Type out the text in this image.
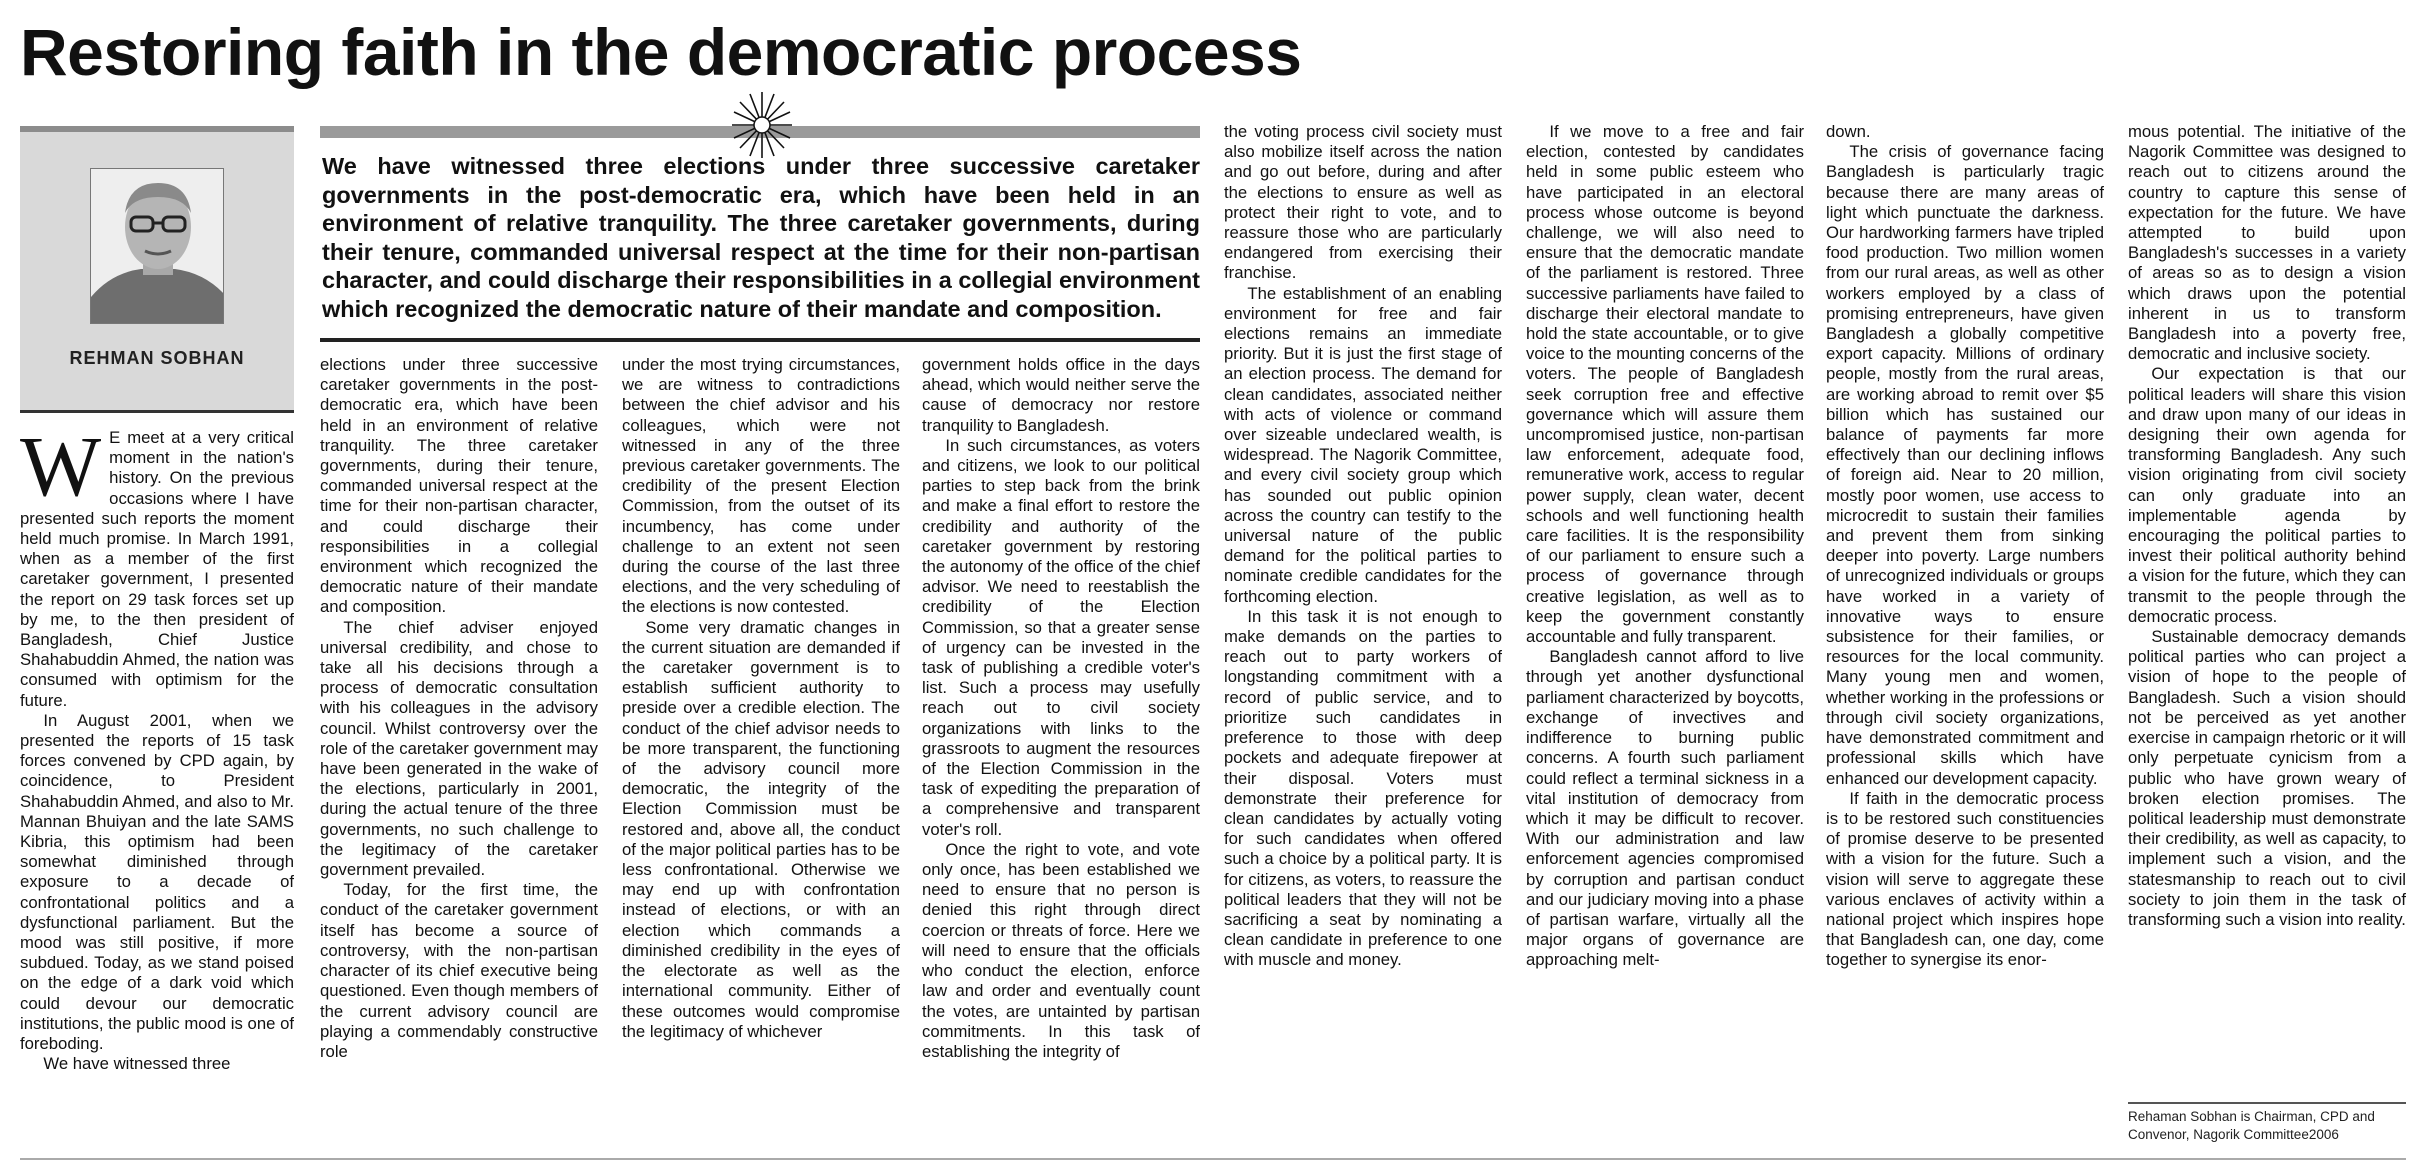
Restoring faith in the democratic process
REHMAN SOBHAN
We have witnessed three elections under three successive caretaker governments in the post-democratic era, which have been held in an environment of relative tranquility. The three caretaker governments, during their tenure, commanded universal respect at the time for their non-partisan character, and could discharge their responsibilities in a collegial environment which recognized the democratic nature of their mandate and composition.

W E meet at a very critical moment in the nation's history. On the previous occasions where I have presented such reports the moment held much promise. In March 1991, when as a member of the first caretaker government, I presented the report on 29 task forces set up by me, to the then president of Bangladesh, Chief Justice Shahabuddin Ahmed, the nation was consumed with optimism for the future.

In August 2001, when we presented the reports of 15 task forces convened by CPD again, by coincidence, to President Shahabuddin Ahmed, and also to Mr. Mannan Bhuiyan and the late SAMS Kibria, this optimism had been somewhat diminished through exposure to a decade of confrontational politics and a dysfunctional parliament. But the mood was still positive, if more subdued. Today, as we stand poised on the edge of a dark void which could devour our democratic institutions, the public mood is one of foreboding.

We have witnessed three

elections under three successive caretaker governments in the post-democratic era, which have been held in an environment of relative tranquility. The three caretaker governments, during their tenure, commanded universal respect at the time for their non-partisan character, and could discharge their responsibilities in a collegial environment which recognized the democratic nature of their mandate and composition.

The chief adviser enjoyed universal credibility, and chose to take all his decisions through a process of democratic consultation with his colleagues in the advisory council. Whilst controversy over the role of the caretaker government may have been generated in the wake of the elections, particularly in 2001, during the actual tenure of the three governments, no such challenge to the legitimacy of the caretaker government prevailed.

Today, for the first time, the conduct of the caretaker government itself has become a source of controversy, with the non-partisan character of its chief executive being questioned. Even though members of the current advisory council are playing a commendably constructive role

under the most trying circumstances, we are witness to contradictions between the chief advisor and his colleagues, which were not witnessed in any of the three previous caretaker governments. The credibility of the present Election Commission, from the outset of its incumbency, has come under challenge to an extent not seen during the course of the last three elections, and the very scheduling of the elections is now contested.

Some very dramatic changes in the current situation are demanded if the caretaker government is to establish sufficient authority to preside over a credible election. The conduct of the chief advisor needs to be more transparent, the functioning of the advisory council more democratic, the integrity of the Election Commission must be restored and, above all, the conduct of the major political parties has to be less confrontational. Otherwise we may end up with confrontation instead of elections, or with an election which commands a diminished credibility in the eyes of the electorate as well as the international community. Either of these outcomes would compromise the legitimacy of whichever

government holds office in the days ahead, which would neither serve the cause of democracy nor restore tranquility to Bangladesh.

In such circumstances, as voters and citizens, we look to our political parties to step back from the brink and make a final effort to restore the credibility and authority of the caretaker government by restoring the autonomy of the office of the chief advisor. We need to reestablish the credibility of the Election Commission, so that a greater sense of urgency can be invested in the task of publishing a credible voter's list. Such a process may usefully reach out to civil society organizations with links to the grassroots to augment the resources of the Election Commission in the task of expediting the preparation of a comprehensive and transparent voter's roll.

Once the right to vote, and vote only once, has been established we need to ensure that no person is denied this right through direct coercion or threats of force. Here we will need to ensure that the officials who conduct the election, enforce law and order and eventually count the votes, are untainted by partisan commitments. In this task of establishing the integrity of

the voting process civil society must also mobilize itself across the nation and go out before, during and after the elections to ensure as well as protect their right to vote, and to reassure those who are particularly endangered from exercising their franchise.

The establishment of an enabling environment for free and fair elections remains an immediate priority. But it is just the first stage of an election process. The demand for clean candidates, associated neither with acts of violence or command over sizeable undeclared wealth, is widespread. The Nagorik Committee, and every civil society group which has sounded out public opinion across the country can testify to the universal nature of the public demand for the political parties to nominate credible candidates for the forthcoming election.

In this task it is not enough to make demands on the parties to reach out to party workers of longstanding commitment with a record of public service, and to prioritize such candidates in preference to those with deep pockets and adequate firepower at their disposal. Voters must demonstrate their preference for clean candidates by actually voting for such candidates when offered such a choice by a political party. It is for citizens, as voters, to reassure the political leaders that they will not be sacrificing a seat by nominating a clean candidate in preference to one with muscle and money.

If we move to a free and fair election, contested by candidates held in some public esteem who have participated in an electoral process whose outcome is beyond challenge, we will also need to ensure that the democratic mandate of the parliament is restored. Three successive parliaments have failed to discharge their electoral mandate to hold the state accountable, or to give voice to the mounting concerns of the voters. The people of Bangladesh seek corruption free and effective governance which will assure them uncompromised justice, non-partisan law enforcement, adequate food, remunerative work, access to regular power supply, clean water, decent schools and well functioning health care facilities. It is the responsibility of our parliament to ensure such a process of governance through creative legislation, as well as to keep the government constantly accountable and fully transparent.

Bangladesh cannot afford to live through yet another dysfunctional parliament characterized by boycotts, exchange of invectives and indifference to burning public concerns. A fourth such parliament could reflect a terminal sickness in a vital institution of democracy from which it may be difficult to recover. With our administration and law enforcement agencies compromised by corruption and partisan conduct and our judiciary moving into a phase of partisan warfare, virtually all the major organs of governance are approaching melt-

down.

The crisis of governance facing Bangladesh is particularly tragic because there are many areas of light which punctuate the darkness. Our hardworking farmers have tripled food production. Two million women from our rural areas, as well as other workers employed by a class of promising entrepreneurs, have given Bangladesh a globally competitive export capacity. Millions of ordinary people, mostly from the rural areas, are working abroad to remit over $5 billion which has sustained our balance of payments far more effectively than our declining inflows of foreign aid. Near to 20 million, mostly poor women, use access to microcredit to sustain their families and prevent them from sinking deeper into poverty. Large numbers of unrecognized individuals or groups have worked in a variety of innovative ways to ensure subsistence for their families, or resources for the local community. Many young men and women, whether working in the professions or through civil society organizations, have demonstrated commitment and professional skills which have enhanced our development capacity.

If faith in the democratic process is to be restored such constituencies of promise deserve to be presented with a vision for the future. Such a vision will serve to aggregate these various enclaves of activity within a national project which inspires hope that Bangladesh can, one day, come together to synergise its enor-

mous potential. The initiative of the Nagorik Committee was designed to reach out to citizens around the country to capture this sense of expectation for the future. We have attempted to build upon Bangladesh's successes in a variety of areas so as to design a vision which draws upon the potential inherent in us to transform Bangladesh into a poverty free, democratic and inclusive society.

Our expectation is that our political leaders will share this vision and draw upon many of our ideas in designing their own agenda for transforming Bangladesh. Any such vision originating from civil society can only graduate into an implementable agenda by encouraging the political parties to invest their political authority behind a vision for the future, which they can transmit to the people through the democratic process.

Sustainable democracy demands political parties who can project a vision of hope to the people of Bangladesh. Such a vision should not be perceived as yet another exercise in campaign rhetoric or it will only perpetuate cynicism from a public who have grown weary of broken election promises. The political leadership must demonstrate their credibility, as well as capacity, to implement such a vision, and the statesmanship to reach out to civil society to join them in the task of transforming such a vision into reality.

Rehaman Sobhan is Chairman, CPD and Convenor, Nagorik Committee2006
